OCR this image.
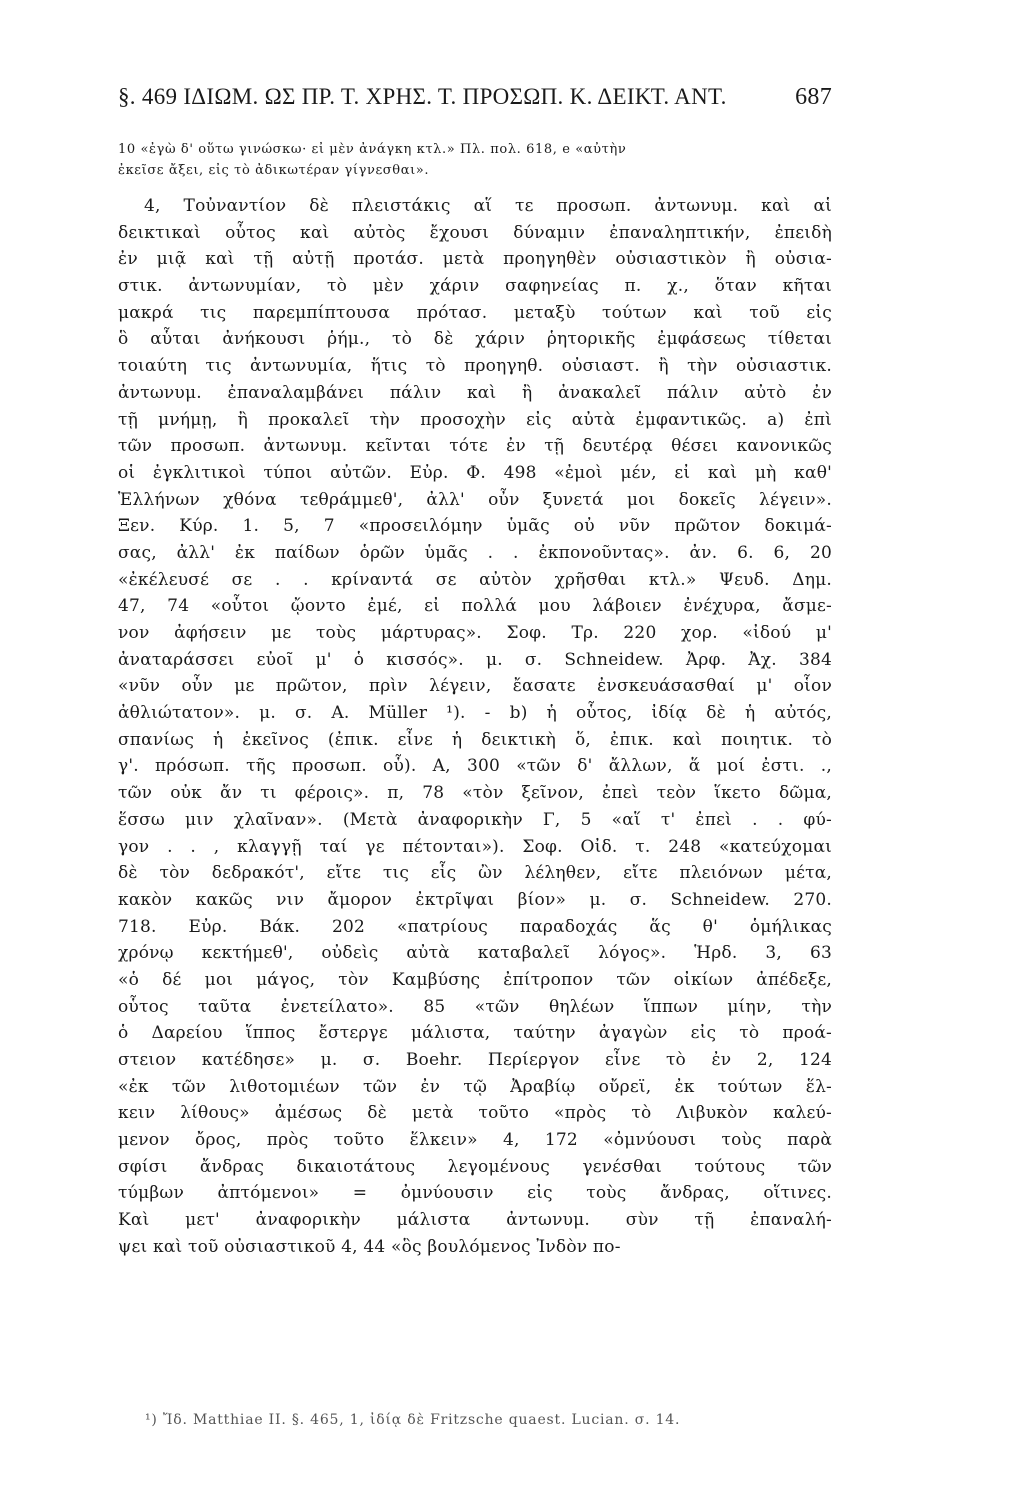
§. 469 ΙΔΙΩΜ. ΩΣ ΠΡ. Τ. ΧΡΗΣ. Τ. ΠΡΟΣΩΠ. Κ. ΔΕΙΚΤ. ΑΝΤ.	687
10 «ἐγὼ δ' οὕτω γινώσκω· εἰ μὲν ἀνάγκη κτλ.» Πλ. πολ. 618, e «αὐτὴν
ἐκεῖσε ἄξει, εἰς τὸ ἀδικωτέραν γίγνεσθαι».
4, Τοὐναντίον δὲ πλειστάκις αἵ τε προσωπ. ἀντωνυμ. καὶ αἱ
δεικτικαὶ οὗτος καὶ αὐτὸς ἔχουσι δύναμιν ἐπαναληπτικήν, ἐπειδὴ
ἐν μιᾷ καὶ τῇ αὐτῇ προτάσ. μετὰ προηγηθὲν οὐσιαστικὸν ἢ οὐσια-
στικ. ἀντωνυμίαν, τὸ μὲν χάριν σαφηνείας π. χ., ὅταν κῆται
μακρά τις παρεμπίπτουσα πρότασ. μεταξὺ τούτων καὶ τοῦ εἰς
ὃ αὗται ἀνήκουσι ῥήμ., τὸ δὲ χάριν ῥητορικῆς ἐμφάσεως τίθεται
τοιαύτη τις ἀντωνυμία, ἥτις τὸ προηγηθ. οὐσιαστ. ἢ τὴν οὐσιαστικ.
ἀντωνυμ. ἐπαναλαμβάνει πάλιν καὶ ἢ ἀνακαλεῖ πάλιν αὐτὸ ἐν
τῇ μνήμῃ, ἢ προκαλεῖ τὴν προσοχὴν εἰς αὐτὰ ἐμφαντικῶς. a) ἐπὶ
τῶν προσωπ. ἀντωνυμ. κεῖνται τότε ἐν τῇ δευτέρᾳ θέσει κανονικῶς
οἱ ἐγκλιτικοὶ τύποι αὐτῶν. Εὐρ. Φ. 498 «ἐμοὶ μέν, εἰ καὶ μὴ καθ'
Ἑλλήνων χθόνα τεθράμμεθ', ἀλλ' οὖν ξυνετά μοι δοκεῖς λέγειν».
Ξεν. Κύρ. 1. 5, 7 «προσειλόμην ὑμᾶς οὐ νῦν πρῶτον δοκιμά-
σας, ἀλλ' ἐκ παίδων ὁρῶν ὑμᾶς . . ἐκπονοῦντας». ἀν. 6. 6, 20
«ἐκέλευσέ σε . . κρίναντά σε αὐτὸν χρῆσθαι κτλ.» Ψευδ. Δημ.
47, 74 «οὗτοι ᾤοντο ἐμέ, εἰ πολλά μου λάβοιεν ἐνέχυρα, ἄσμε-
νον ἀφήσειν με τοὺς μάρτυρας». Σοφ. Τρ. 220 χορ. «ἰδού μ'
ἀναταράσσει εὐοῖ μ' ὁ κισσός». μ. σ. Schneidew. Ἀρφ. Ἀχ. 384
«νῦν οὖν με πρῶτον, πρὶν λέγειν, ἔασατε ἐνσκευάσασθαί μ' οἷον
ἀθλιώτατον». μ. σ. A. Müller ¹). - b) ἡ οὗτος, ἰδίᾳ δὲ ἡ αὐτός,
σπανίως ἡ ἐκεῖνος (ἐπικ. εἶνε ἡ δεικτικὴ ὅ, ἐπικ. καὶ ποιητικ. τὸ
γ'. πρόσωπ. τῆς προσωπ. οὗ). Α, 300 «τῶν δ' ἄλλων, ἅ μοί ἐστι. .,
τῶν οὐκ ἄν τι φέροις». π, 78 «τὸν ξεῖνον, ἐπεὶ τεὸν ἵκετο δῶμα,
ἕσσω μιν χλαῖναν». (Μετὰ ἀναφορικὴν Γ, 5 «αἵ τ' ἐπεὶ . . φύ-
γον . . , κλαγγῇ ταί γε πέτονται»). Σοφ. Οἰδ. τ. 248 «κατεύχομαι
δὲ τὸν δεδρακότ', εἴτε τις εἷς ὢν λέληθεν, εἴτε πλειόνων μέτα,
κακὸν κακῶς νιν ἄμορον ἐκτρῖψαι βίον» μ. σ. Schneidew. 270.
718. Εὐρ. Βάκ. 202 «πατρίους παραδοχάς ἅς θ' ὁμήλικας
χρόνῳ κεκτήμεθ', οὐδεὶς αὐτὰ καταβαλεῖ λόγος». Ἡρδ. 3, 63
«ὁ δέ μοι μάγος, τὸν Καμβύσης ἐπίτροπον τῶν οἰκίων ἀπέδεξε,
οὗτος ταῦτα ἐνετείλατο». 85 «τῶν θηλέων ἵππων μίην, τὴν
ὁ Δαρείου ἵππος ἔστεργε μάλιστα, ταύτην ἀγαγὼν εἰς τὸ προά-
στειον κατέδησε» μ. σ. Boehr. Περίεργον εἶνε τὸ ἐν 2, 124
«ἐκ τῶν λιθοτομιέων τῶν ἐν τῷ Ἀραβίῳ οὔρεϊ, ἐκ τούτων ἕλ-
κειν λίθους» ἀμέσως δὲ μετὰ τοῦτο «πρὸς τὸ Λιβυκὸν καλεύ-
μενον ὄρος, πρὸς τοῦτο ἕλκειν» 4, 172 «ὀμνύουσι τοὺς παρὰ
σφίσι ἄνδρας δικαιοτάτους λεγομένους γενέσθαι τούτους τῶν
τύμβων ἀπτόμενοι» = ὀμνύουσιν εἰς τοὺς ἄνδρας, οἵτινες.
Καὶ μετ' ἀναφορικὴν μάλιστα ἀντωνυμ. σὺν τῇ ἐπαναλή-
ψει καὶ τοῦ οὐσιαστικοῦ 4, 44 «ὃς βουλόμενος Ἰνδὸν πο-
¹) Ἴδ. Matthiae II. §. 465, 1, ἰδίᾳ δὲ Fritzsche quaest. Lucian. σ. 14.
